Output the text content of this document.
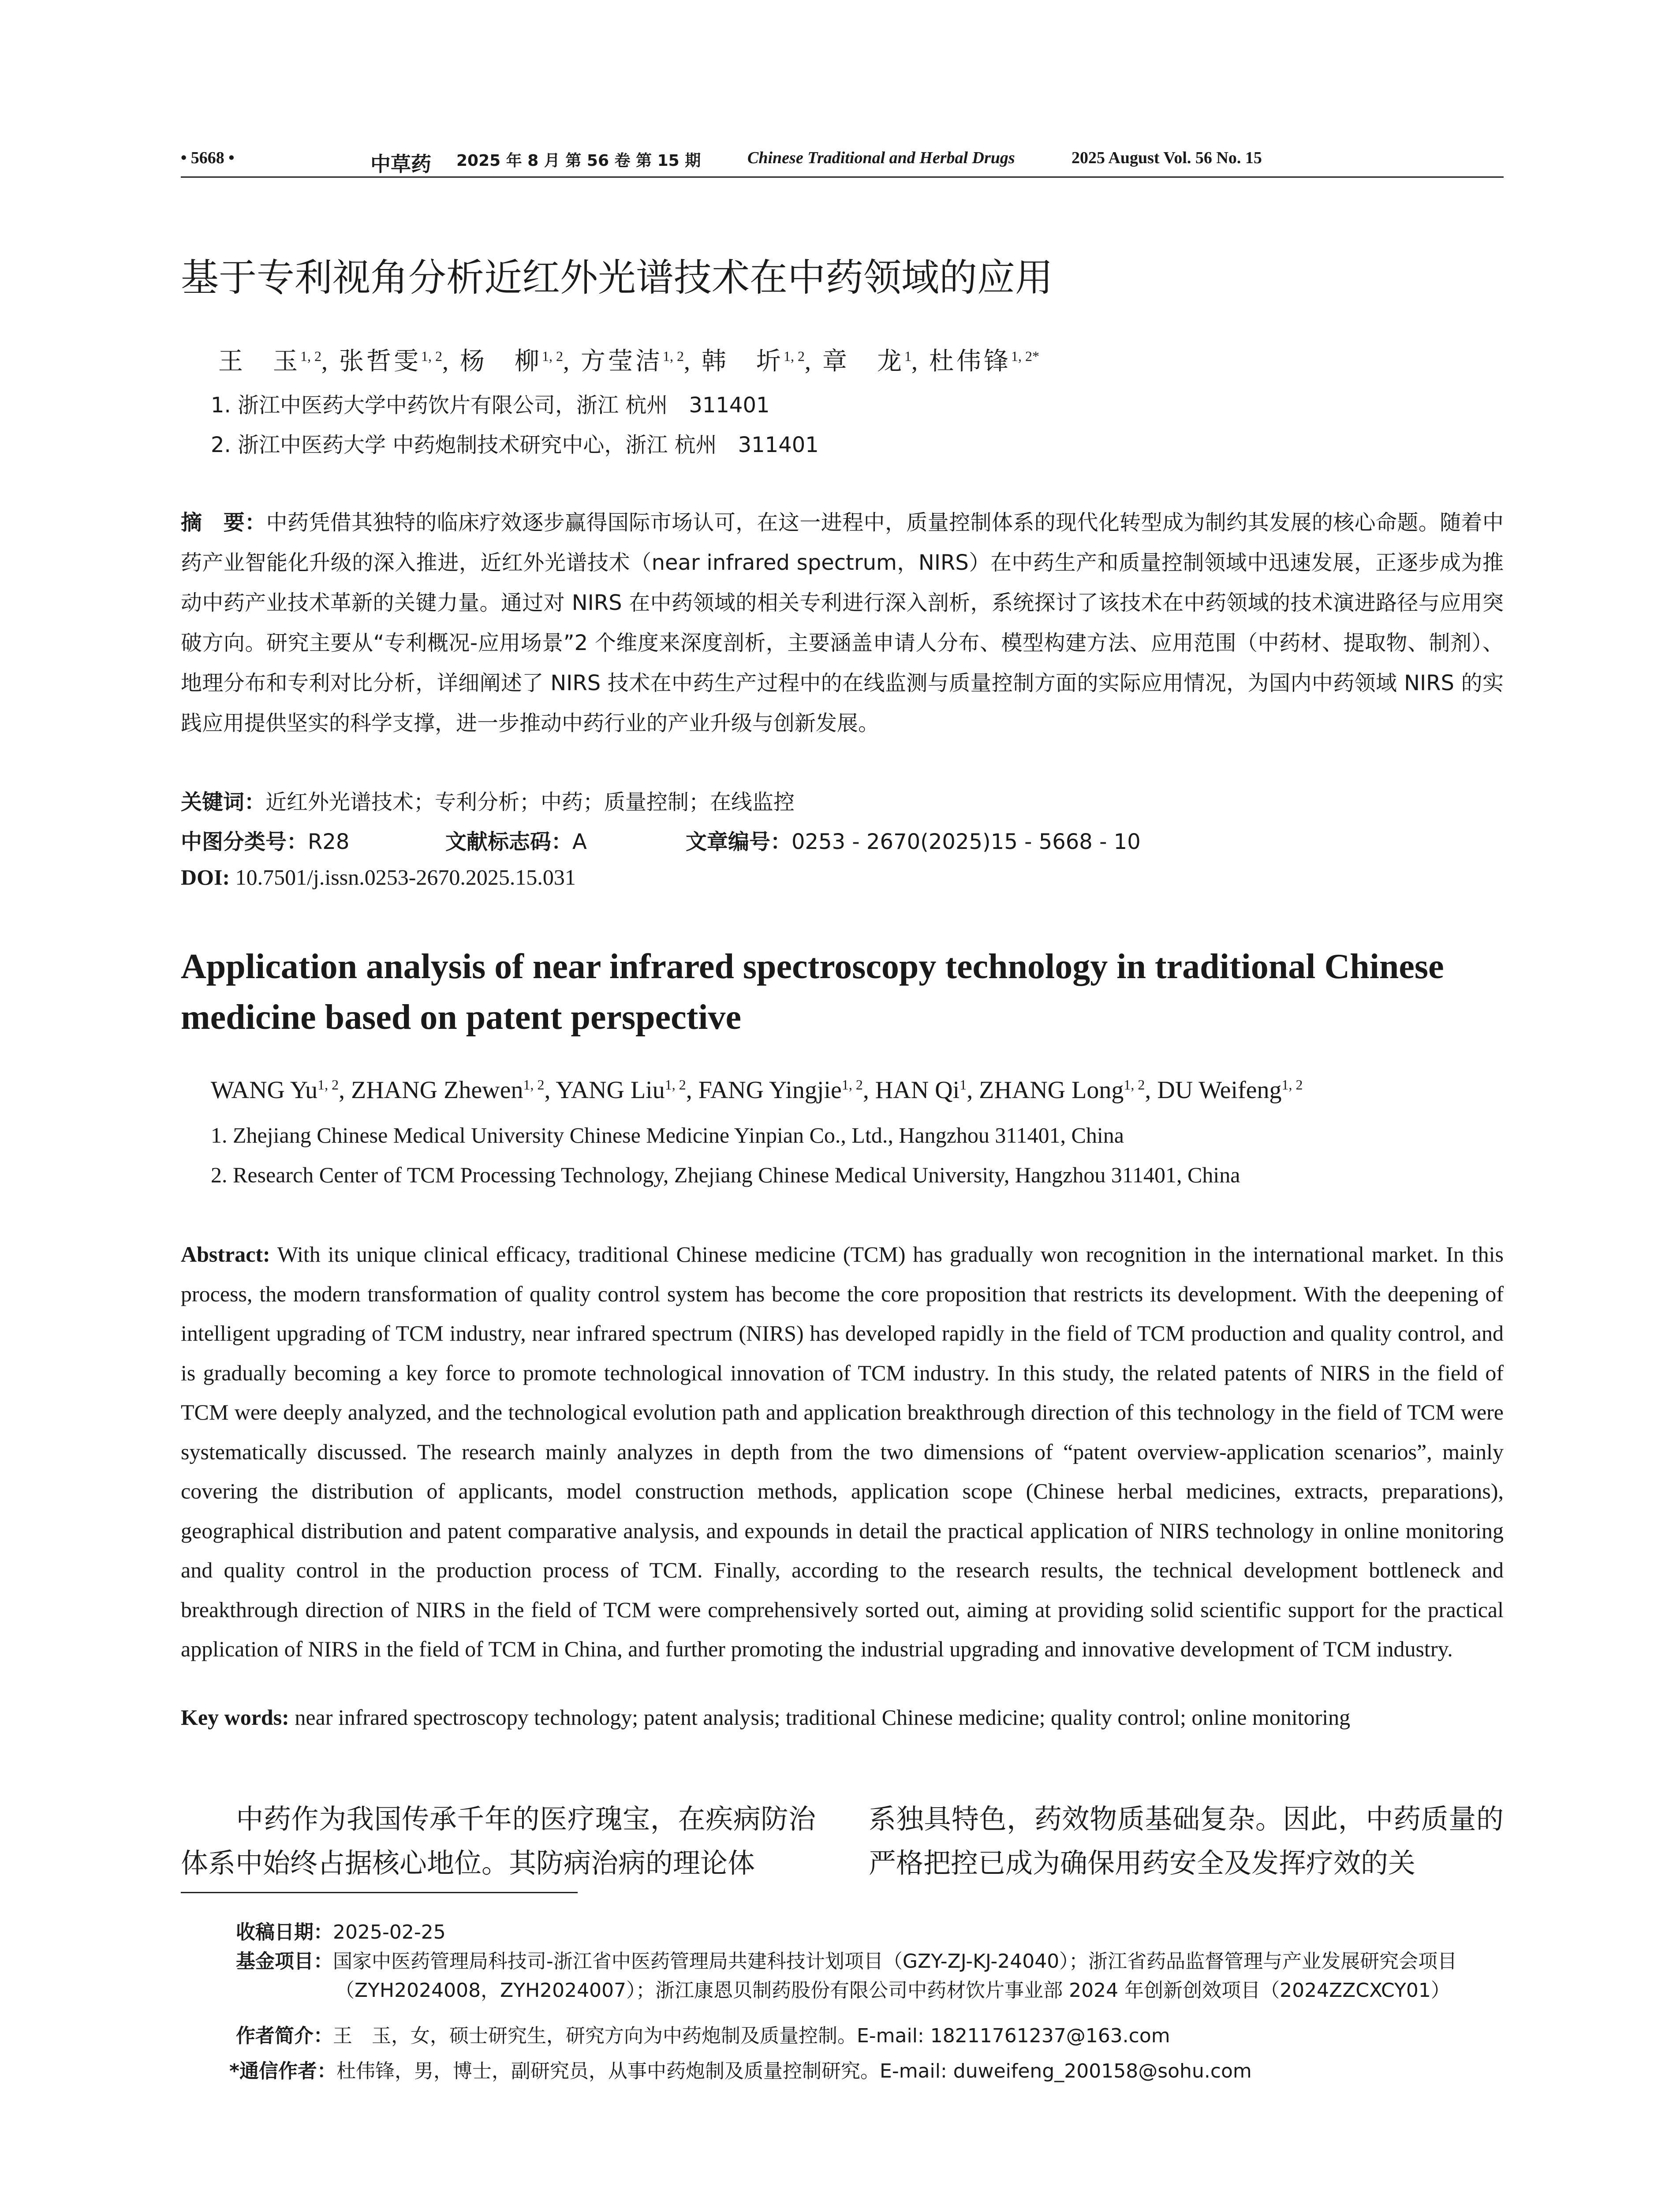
• 5668 •	中草药 2025 年 8 月 第 56 卷 第 15 期	Chinese Traditional and Herbal Drugs	2025 August Vol. 56 No. 15
基于专利视角分析近红外光谱技术在中药领域的应用
王　玉$^{1, 2}$, 张哲雯$^{1, 2}$, 杨　柳$^{1, 2}$, 方莹洁$^{1, 2}$, 韩　圻$^{1, 2}$, 章　龙$^1$, 杜伟锋$^{1, 2*}$
1. 浙江中医药大学中药饮片有限公司，浙江 杭州　311401
2. 浙江中医药大学 中药炮制技术研究中心，浙江 杭州　311401
摘　要：中药凭借其独特的临床疗效逐步赢得国际市场认可，在这一进程中，质量控制体系的现代化转型成为制约其发展的核心命题。随着中药产业智能化升级的深入推进，近红外光谱技术（near infrared spectrum，NIRS）在中药生产和质量控制领域中迅速发展，正逐步成为推动中药产业技术革新的关键力量。通过对 NIRS 在中药领域的相关专利进行深入剖析，系统探讨了该技术在中药领域的技术演进路径与应用突破方向。研究主要从“专利概况-应用场景”2 个维度来深度剖析，主要涵盖申请人分布、模型构建方法、应用范围（中药材、提取物、制剂）、地理分布和专利对比分析，详细阐述了 NIRS 技术在中药生产过程中的在线监测与质量控制方面的实际应用情况，为国内中药领域 NIRS 的实践应用提供坚实的科学支撑，进一步推动中药行业的产业升级与创新发展。
关键词：近红外光谱技术；专利分析；中药；质量控制；在线监控
中图分类号：R28	文献标志码：A	文章编号：0253 - 2670(2025)15 - 5668 - 10
DOI: 10.7501/j.issn.0253-2670.2025.15.031
Application analysis of near infrared spectroscopy technology in traditional Chinese medicine based on patent perspective
WANG Yu$^{1, 2}$, ZHANG Zhewen$^{1, 2}$, YANG Liu$^{1, 2}$, FANG Yingjie$^{1, 2}$, HAN Qi$^1$, ZHANG Long$^{1, 2}$, DU Weifeng$^{1, 2}$
1. Zhejiang Chinese Medical University Chinese Medicine Yinpian Co., Ltd., Hangzhou 311401, China
2. Research Center of TCM Processing Technology, Zhejiang Chinese Medical University, Hangzhou 311401, China
Abstract: With its unique clinical efficacy, traditional Chinese medicine (TCM) has gradually won recognition in the international market. In this process, the modern transformation of quality control system has become the core proposition that restricts its development. With the deepening of intelligent upgrading of TCM industry, near infrared spectrum (NIRS) has developed rapidly in the field of TCM production and quality control, and is gradually becoming a key force to promote technological innovation of TCM industry. In this study, the related patents of NIRS in the field of TCM were deeply analyzed, and the technological evolution path and application breakthrough direction of this technology in the field of TCM were systematically discussed. The research mainly analyzes in depth from the two dimensions of “patent overview-application scenarios”, mainly covering the distribution of applicants, model construction methods, application scope (Chinese herbal medicines, extracts, preparations), geographical distribution and patent comparative analysis, and expounds in detail the practical application of NIRS technology in online monitoring and quality control in the production process of TCM. Finally, according to the research results, the technical development bottleneck and breakthrough direction of NIRS in the field of TCM were comprehensively sorted out, aiming at providing solid scientific support for the practical application of NIRS in the field of TCM in China, and further promoting the industrial upgrading and innovative development of TCM industry.
Key words: near infrared spectroscopy technology; patent analysis; traditional Chinese medicine; quality control; online monitoring
　　中药作为我国传承千年的医疗瑰宝，在疾病防治体系中始终占据核心地位。其防病治病的理论体
系独具特色，药效物质基础复杂。因此，中药质量的严格把控已成为确保用药安全及发挥疗效的关
收稿日期：2025-02-25
基金项目：国家中医药管理局科技司-浙江省中医药管理局共建科技计划项目（GZY-ZJ-KJ-24040）；浙江省药品监督管理与产业发展研究会项目（ZYH2024008，ZYH2024007）；浙江康恩贝制药股份有限公司中药材饮片事业部 2024 年创新创效项目（2024ZZCXCY01）
作者简介：王　玉，女，硕士研究生，研究方向为中药炮制及质量控制。E-mail: 18211761237@163.com
*通信作者：杜伟锋，男，博士，副研究员，从事中药炮制及质量控制研究。E-mail: duweifeng_200158@sohu.com
